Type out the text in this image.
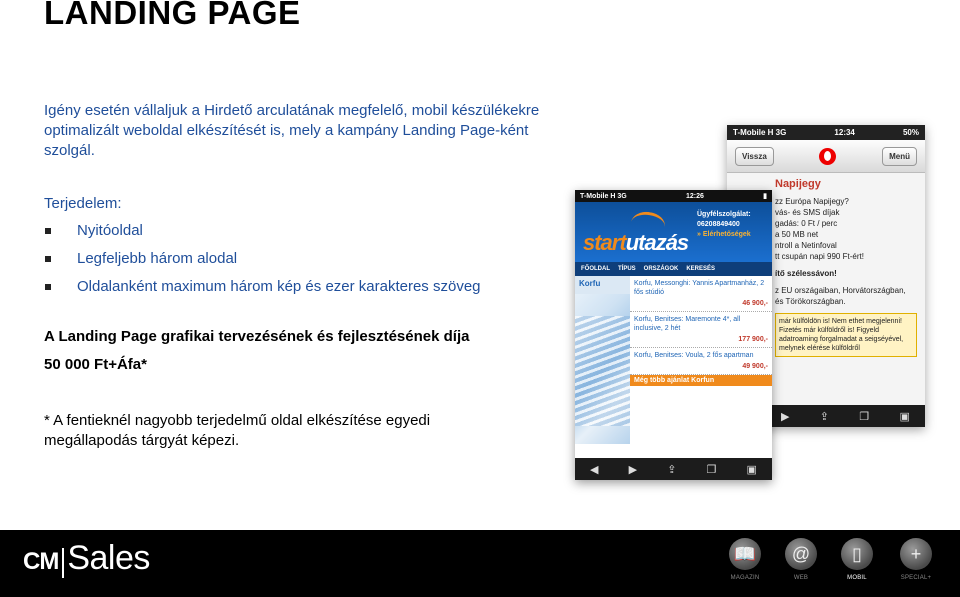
LANDING PAGE
Igény esetén vállaljuk a Hirdető arculatának megfelelő, mobil készülékekre optimalizált weboldal elkészítését is, mely a kampány Landing Page-ként szolgál.
Terjedelem:
Nyitóoldal
Legfeljebb három alodal
Oldalanként maximum három kép és ezer karakteres szöveg
A Landing Page grafikai tervezésének és fejlesztésének díja
50 000 Ft+Áfa*
* A fentieknél nagyobb terjedelmű oldal elkészítése egyedi megállapodás tárgyát képezi.
T-Mobile H 3G	12:34	50%
Vissza	Menü
Napijegy
zz Európa Napijegy?
vás- és SMS díjak
gadás: 0 Ft / perc
a 50 MB net
ntroll a Netinfoval
tt csupán napi 990 Ft-ért!
ítő szélessávon!
z EU országaiban, Horvátországban,
és Törökországban.
már külföldön is! Nem ethet megjelenni! Fizetés már külföldről is! Figyeld adatroaming forgalmadat a seigséyével, melynek elérése külföldről
▶	⇪	❐	▣
T-Mobile H 3G	12:26	▮
startutazás
Ügyfélszolgálat:
06208849400
» Elérhetőségek
FŐOLDAL TÍPUS ORSZÁGOK KERESÉS
Korfu	Korfu, Messonghi: Yannis Apartmanház, 2 fős stúdió
46 900,-
Korfu, Benitses: Maremonte 4*, all inclusive, 2 hét
177 900,-
Korfu, Benitses: Voula, 2 fős apartman
49 900,-
Még több ajánlat Korfun
◀	▶	⇪	❐	▣
CM Sales	📖
MAGAZIN
@
WEB
▯
MOBIL
+
SPECIAL+
